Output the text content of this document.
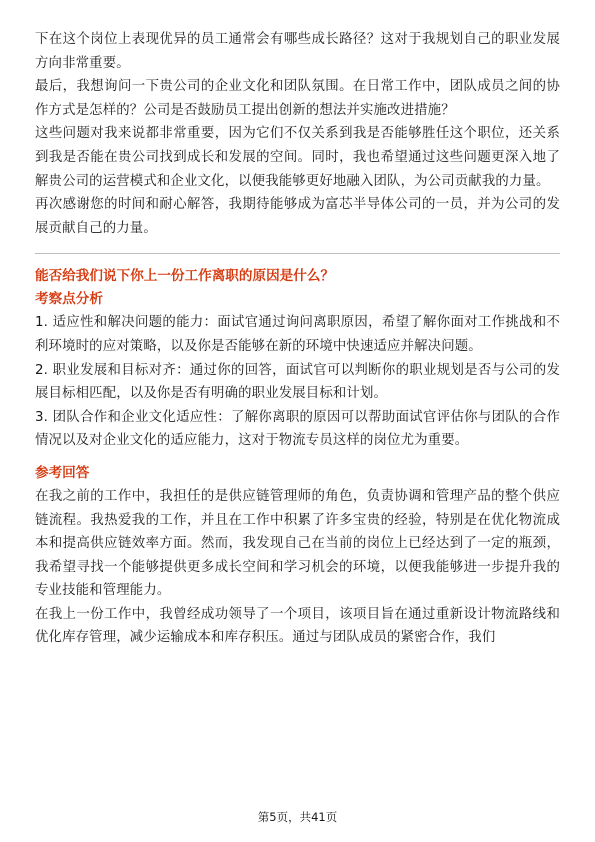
下在这个岗位上表现优异的员工通常会有哪些成长路径？这对于我规划自己的职业发展方向非常重要。

最后，我想询问一下贵公司的企业文化和团队氛围。在日常工作中，团队成员之间的协作方式是怎样的？公司是否鼓励员工提出创新的想法并实施改进措施？

这些问题对我来说都非常重要，因为它们不仅关系到我是否能够胜任这个职位，还关系到我是否能在贵公司找到成长和发展的空间。同时，我也希望通过这些问题更深入地了解贵公司的运营模式和企业文化，以便我能够更好地融入团队，为公司贡献我的力量。

再次感谢您的时间和耐心解答，我期待能够成为富芯半导体公司的一员，并为公司的发展贡献自己的力量。

能否给我们说下你上一份工作离职的原因是什么？

考察点分析

1. 适应性和解决问题的能力：面试官通过询问离职原因，希望了解你面对工作挑战和不利环境时的应对策略，以及你是否能够在新的环境中快速适应并解决问题。

2. 职业发展和目标对齐：通过你的回答，面试官可以判断你的职业规划是否与公司的发展目标相匹配，以及你是否有明确的职业发展目标和计划。

3. 团队合作和企业文化适应性：了解你离职的原因可以帮助面试官评估你与团队的合作情况以及对企业文化的适应能力，这对于物流专员这样的岗位尤为重要。

参考回答

在我之前的工作中，我担任的是供应链管理师的角色，负责协调和管理产品的整个供应链流程。我热爱我的工作，并且在工作中积累了许多宝贵的经验，特别是在优化物流成本和提高供应链效率方面。然而，我发现自己在当前的岗位上已经达到了一定的瓶颈，我希望寻找一个能够提供更多成长空间和学习机会的环境，以便我能够进一步提升我的专业技能和管理能力。

在我上一份工作中，我曾经成功领导了一个项目，该项目旨在通过重新设计物流路线和优化库存管理，减少运输成本和库存积压。通过与团队成员的紧密合作，我们

第5页，共41页
